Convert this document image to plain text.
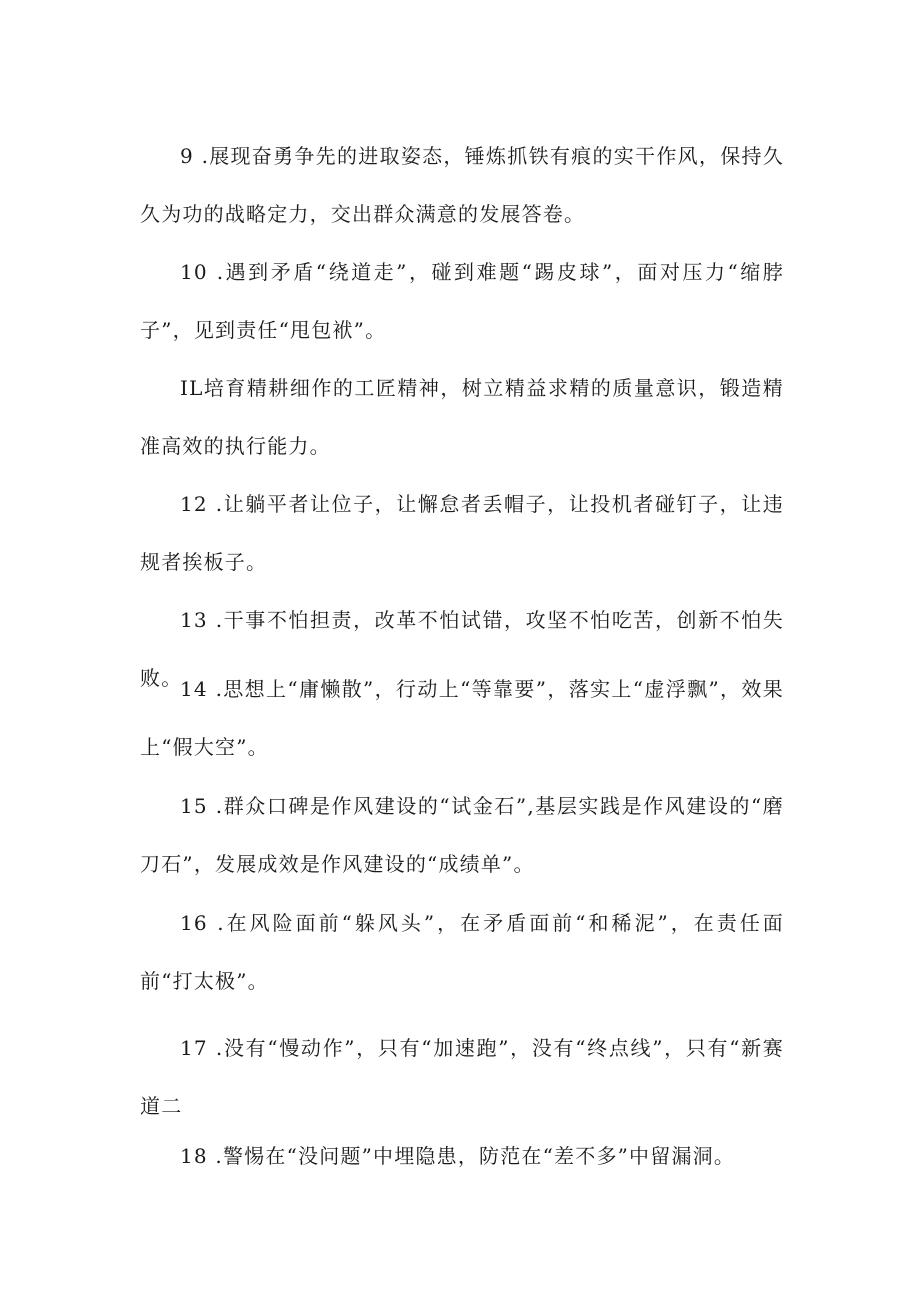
9 .展现奋勇争先的进取姿态，锤炼抓铁有痕的实干作风，保持久久为功的战略定力，交出群众满意的发展答卷。

10 .遇到矛盾“绕道走”，碰到难题“踢皮球”，面对压力“缩脖子”，见到责任“甩包袱”。

IL培育精耕细作的工匠精神，树立精益求精的质量意识，锻造精准高效的执行能力。

12 .让躺平者让位子，让懈怠者丢帽子，让投机者碰钉子，让违规者挨板子。

13 .干事不怕担责，改革不怕试错，攻坚不怕吃苦，创新不怕失败。

14 .思想上“庸懒散”，行动上“等靠要”，落实上“虚浮飘”，效果上“假大空”。

15 .群众口碑是作风建设的“试金石”,基层实践是作风建设的“磨刀石”，发展成效是作风建设的“成绩单”。

16 .在风险面前“躲风头”，在矛盾面前“和稀泥”，在责任面前“打太极”。

17 .没有“慢动作”，只有“加速跑”，没有“终点线”，只有“新赛道二

18 .警惕在“没问题”中埋隐患，防范在“差不多”中留漏洞。
